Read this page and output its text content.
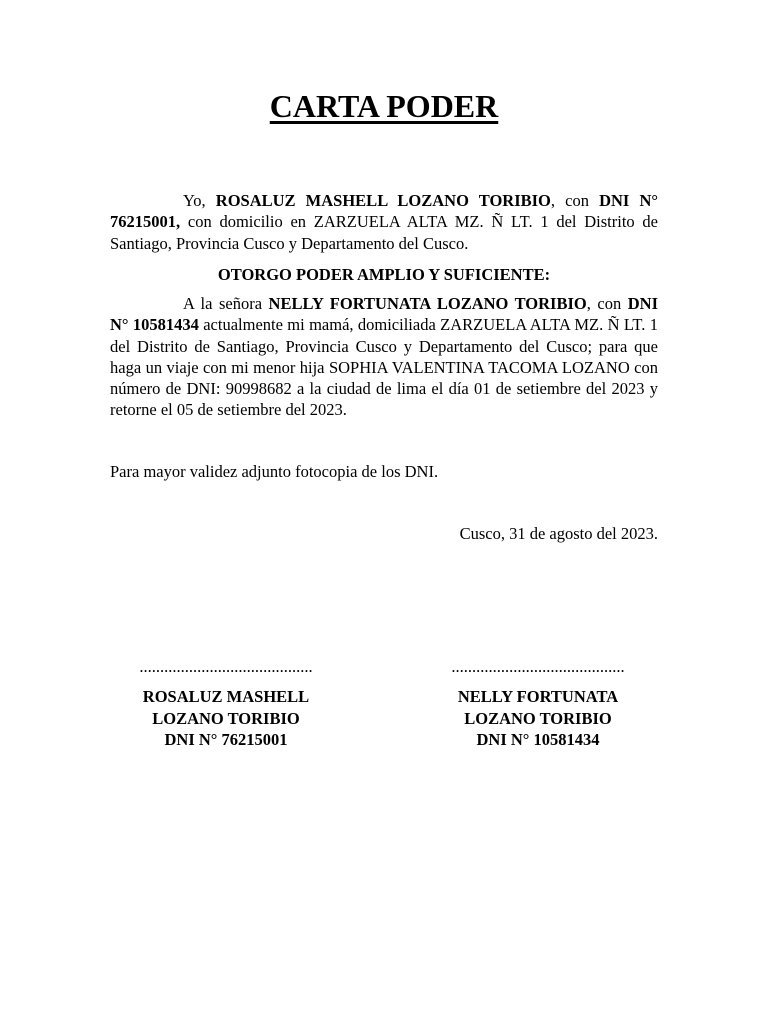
CARTA PODER
Yo, ROSALUZ MASHELL LOZANO TORIBIO, con DNI N° 76215001, con domicilio en ZARZUELA ALTA MZ. Ñ LT. 1 del Distrito de Santiago, Provincia Cusco y Departamento del Cusco.
OTORGO PODER AMPLIO Y SUFICIENTE:
A la señora NELLY FORTUNATA LOZANO TORIBIO, con DNI N° 10581434 actualmente mi mamá, domiciliada ZARZUELA ALTA MZ. Ñ LT. 1 del Distrito de Santiago, Provincia Cusco y Departamento del Cusco; para que haga un viaje con mi menor hija SOPHIA VALENTINA TACOMA LOZANO con número de DNI: 90998682 a la ciudad de lima el día 01 de setiembre del 2023 y retorne el 05 de setiembre del 2023.
Para mayor validez adjunto fotocopia de los DNI.
Cusco, 31 de agosto del 2023.
..........................................
ROSALUZ MASHELL
LOZANO TORIBIO
DNI N° 76215001
..........................................
NELLY FORTUNATA
LOZANO TORIBIO
DNI N° 10581434
